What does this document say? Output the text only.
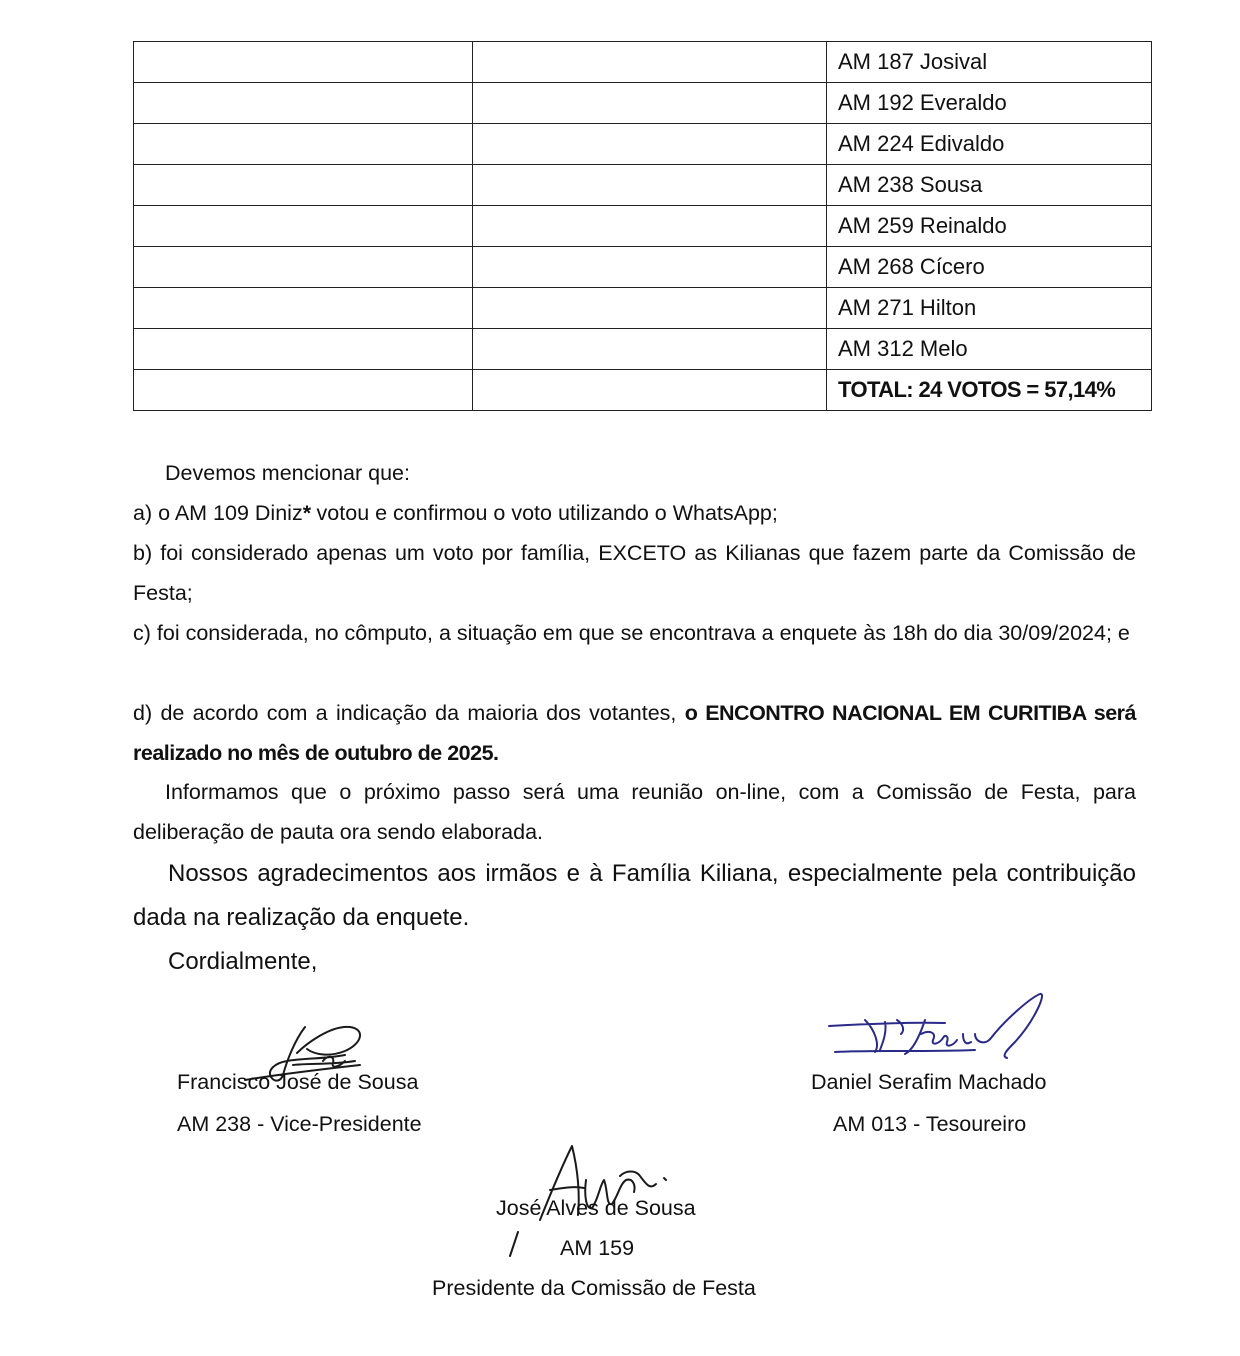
		AM 187 Josival
		AM 192 Everaldo
		AM 224 Edivaldo
		AM 238 Sousa
		AM 259 Reinaldo
		AM 268 Cícero
		AM 271 Hilton
		AM 312 Melo
		TOTAL: 24 VOTOS = 57,14%
Devemos mencionar que:
a) o AM 109 Diniz* votou e confirmou o voto utilizando o WhatsApp;
b) foi considerado apenas um voto por família, EXCETO as Kilianas que fazem parte da Comissão de Festa;
c) foi considerada, no cômputo, a situação em que se encontrava a enquete às 18h do dia 30/09/2024; e
d) de acordo com a indicação da maioria dos votantes, o ENCONTRO NACIONAL EM CURITIBA será realizado no mês de outubro de 2025.
Informamos que o próximo passo será uma reunião on-line, com a Comissão de Festa, para deliberação de pauta ora sendo elaborada.
Nossos agradecimentos aos irmãos e à Família Kiliana, especialmente pela contribuição dada na realização da enquete.
Cordialmente,
Francisco José de Sousa
AM 238 - Vice-Presidente
Daniel Serafim Machado
AM 013 - Tesoureiro
José Alves de Sousa
AM 159
Presidente da Comissão de Festa
